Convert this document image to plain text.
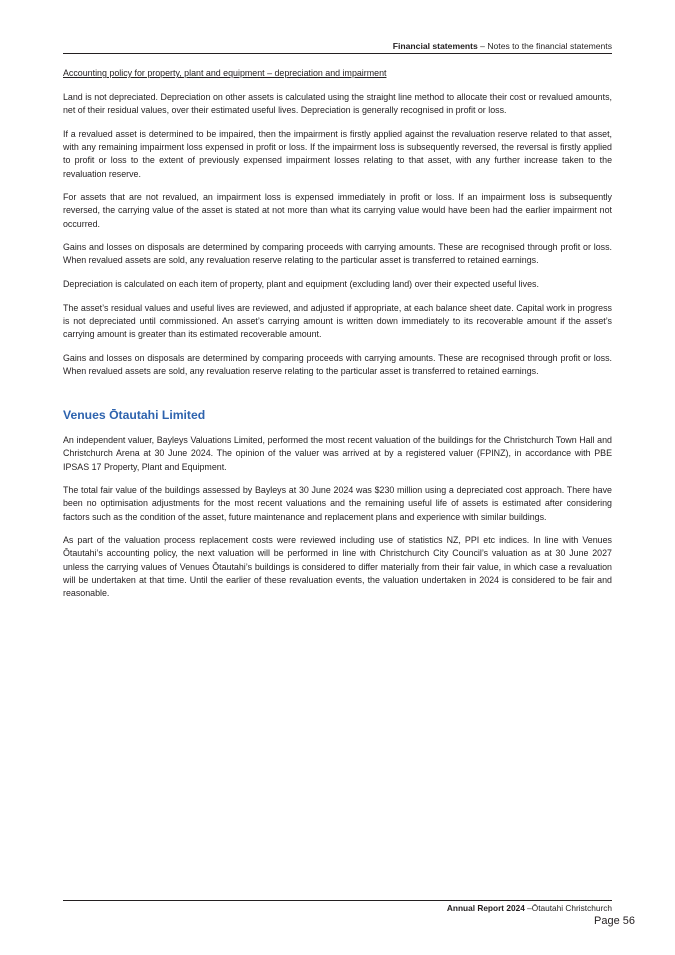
Financial statements – Notes to the financial statements

Accounting policy for property, plant and equipment – depreciation and impairment

Land is not depreciated. Depreciation on other assets is calculated using the straight line method to allocate their cost or revalued amounts, net of their residual values, over their estimated useful lives. Depreciation is generally recognised in profit or loss.

If a revalued asset is determined to be impaired, then the impairment is firstly applied against the revaluation reserve related to that asset, with any remaining impairment loss expensed in profit or loss. If the impairment loss is subsequently reversed, the reversal is firstly applied to profit or loss to the extent of previously expensed impairment losses relating to that asset, with any further increase taken to the revaluation reserve.

For assets that are not revalued, an impairment loss is expensed immediately in profit or loss. If an impairment loss is subsequently reversed, the carrying value of the asset is stated at not more than what its carrying value would have been had the earlier impairment not occurred.

Gains and losses on disposals are determined by comparing proceeds with carrying amounts. These are recognised through profit or loss. When revalued assets are sold, any revaluation reserve relating to the particular asset is transferred to retained earnings.

Depreciation is calculated on each item of property, plant and equipment (excluding land) over their expected useful lives.

The asset’s residual values and useful lives are reviewed, and adjusted if appropriate, at each balance sheet date. Capital work in progress is not depreciated until commissioned. An asset’s carrying amount is written down immediately to its recoverable amount if the asset’s carrying amount is greater than its estimated recoverable amount.

Gains and losses on disposals are determined by comparing proceeds with carrying amounts. These are recognised through profit or loss. When revalued assets are sold, any revaluation reserve relating to the particular asset is transferred to retained earnings.

Venues Ōtautahi Limited

An independent valuer, Bayleys Valuations Limited, performed the most recent valuation of the buildings for the Christchurch Town Hall and Christchurch Arena at 30 June 2024. The opinion of the valuer was arrived at by a registered valuer (FPINZ), in accordance with PBE IPSAS 17 Property, Plant and Equipment.

The total fair value of the buildings assessed by Bayleys at 30 June 2024 was $230 million using a depreciated cost approach. There have been no optimisation adjustments for the most recent valuations and the remaining useful life of assets is estimated after considering factors such as the condition of the asset, future maintenance and replacement plans and experience with similar buildings.

As part of the valuation process replacement costs were reviewed including use of statistics NZ, PPI etc indices. In line with Venues Ōtautahi’s accounting policy, the next valuation will be performed in line with Christchurch City Council’s valuation as at 30 June 2027 unless the carrying values of Venues Ōtautahi’s buildings is considered to differ materially from their fair value, in which case a revaluation will be undertaken at that time. Until the earlier of these revaluation events, the valuation undertaken in 2024 is considered to be fair and reasonable.

Annual Report 2024 –Ōtautahi Christchurch
Page 56
